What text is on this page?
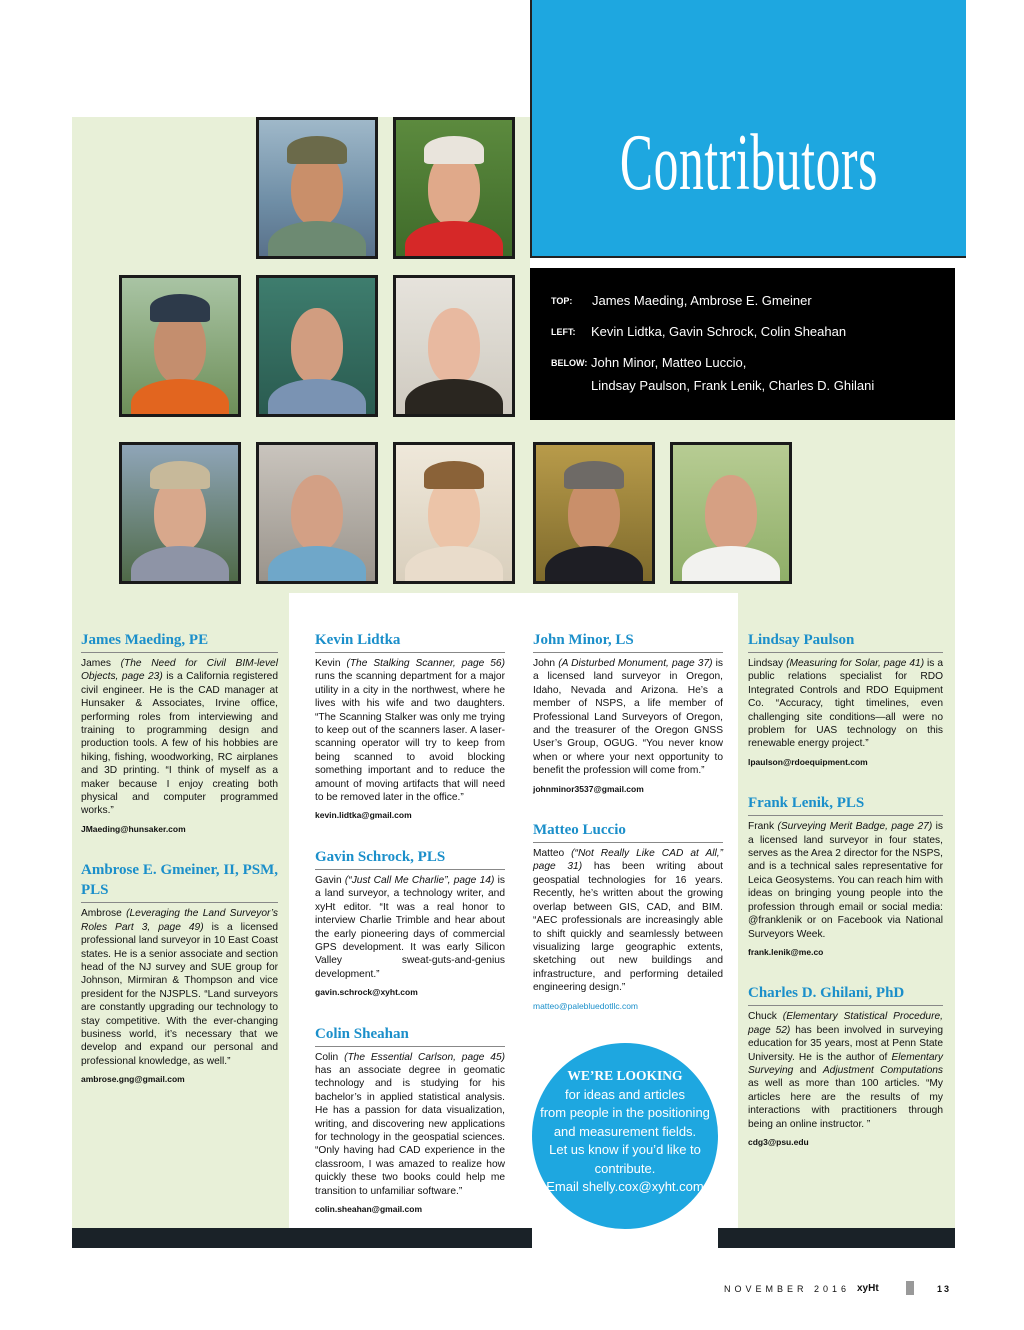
Contributors
TOP: James Maeding, Ambrose E. Gmeiner
LEFT: Kevin Lidtka, Gavin Schrock, Colin Sheahan
BELOW: John Minor, Matteo Luccio,
Lindsay Paulson, Frank Lenik, Charles D. Ghilani
James Maeding, PE

James (The Need for Civil BIM-level Objects, page 23) is a California registered civil engineer. He is the CAD manager at Hunsaker & Associates, Irvine office, performing roles from interviewing and training to programming design and production tools. A few of his hobbies are hiking, fishing, woodworking, RC airplanes and 3D printing. “I think of myself as a maker because I enjoy creating both physical and computer programmed works.”

JMaeding@hunsaker.com
Ambrose E. Gmeiner, II, PSM, PLS

Ambrose (Leveraging the Land Surveyor’s Roles Part 3, page 49) is a licensed professional land surveyor in 10 East Coast states. He is a senior associate and section head of the NJ survey and SUE group for Johnson, Mirmiran & Thompson and vice president for the NJSPLS. “Land surveyors are constantly upgrading our technology to stay competitive. With the ever-changing business world, it’s necessary that we develop and expand our personal and professional knowledge, as well.”

ambrose.gng@gmail.com
Kevin Lidtka

Kevin (The Stalking Scanner, page 56) runs the scanning department for a major utility in a city in the northwest, where he lives with his wife and two daughters. “The Scanning Stalker was only me trying to keep out of the scanners laser. A laser-scanning operator will try to keep from being scanned to avoid blocking something important and to reduce the amount of moving artifacts that will need to be removed later in the office.”

kevin.lidtka@gmail.com
Gavin Schrock, PLS

Gavin (“Just Call Me Charlie”, page 14) is a land surveyor, a technology writer, and xyHt editor. “It was a real honor to interview Charlie Trimble and hear about the early pioneering days of commercial GPS development. It was early Silicon Valley sweat-guts-and-genius development.”

gavin.schrock@xyht.com
Colin Sheahan

Colin (The Essential Carlson, page 45) has an associate degree in geomatic technology and is studying for his bachelor’s in applied statistical analysis. He has a passion for data visualization, writing, and discovering new applications for technology in the geospatial sciences. “Only having had CAD experience in the classroom, I was amazed to realize how quickly these two books could help me transition to unfamiliar software.”

colin.sheahan@gmail.com
John Minor, LS

John (A Disturbed Monument, page 37) is a licensed land surveyor in Oregon, Idaho, Nevada and Arizona. He’s a member of NSPS, a life member of Professional Land Surveyors of Oregon, and the treasurer of the Oregon GNSS User’s Group, OGUG. “You never know when or where your next opportunity to benefit the profession will come from.”

johnminor3537@gmail.com
Matteo Luccio

Matteo (“Not Really Like CAD at All,” page 31) has been writing about geospatial technologies for 16 years. Recently, he’s written about the growing overlap between GIS, CAD, and BIM. “AEC professionals are increasingly able to shift quickly and seamlessly between visualizing large geographic extents, sketching out new buildings and infrastructure, and performing detailed engineering design.”

matteo@palebluedotllc.com
Lindsay Paulson

Lindsay (Measuring for Solar, page 41) is a public relations specialist for RDO Integrated Controls and RDO Equipment Co. “Accuracy, tight timelines, even challenging site conditions—all were no problem for UAS technology on this renewable energy project.”

lpaulson@rdoequipment.com
Frank Lenik, PLS

Frank (Surveying Merit Badge, page 27) is a licensed land surveyor in four states, serves as the Area 2 director for the NSPS, and is a technical sales representative for Leica Geosystems. You can reach him with ideas on bringing young people into the profession through email or social media: @franklenik or on Facebook via National Surveyors Week.

frank.lenik@me.co
Charles D. Ghilani, PhD

Chuck (Elementary Statistical Procedure, page 52) has been involved in surveying education for 35 years, most at Penn State University. He is the author of Elementary Surveying and Adjustment Computations as well as more than 100 articles. “My articles here are the results of my interactions with practitioners through being an online instructor. ”

cdg3@psu.edu
WE’RE LOOKING
for ideas and articles
from people in the positioning
and measurement fields.
Let us know if you’d like to
contribute.
Email shelly.cox@xyht.com
NOVEMBER 2016 xyHt	13
